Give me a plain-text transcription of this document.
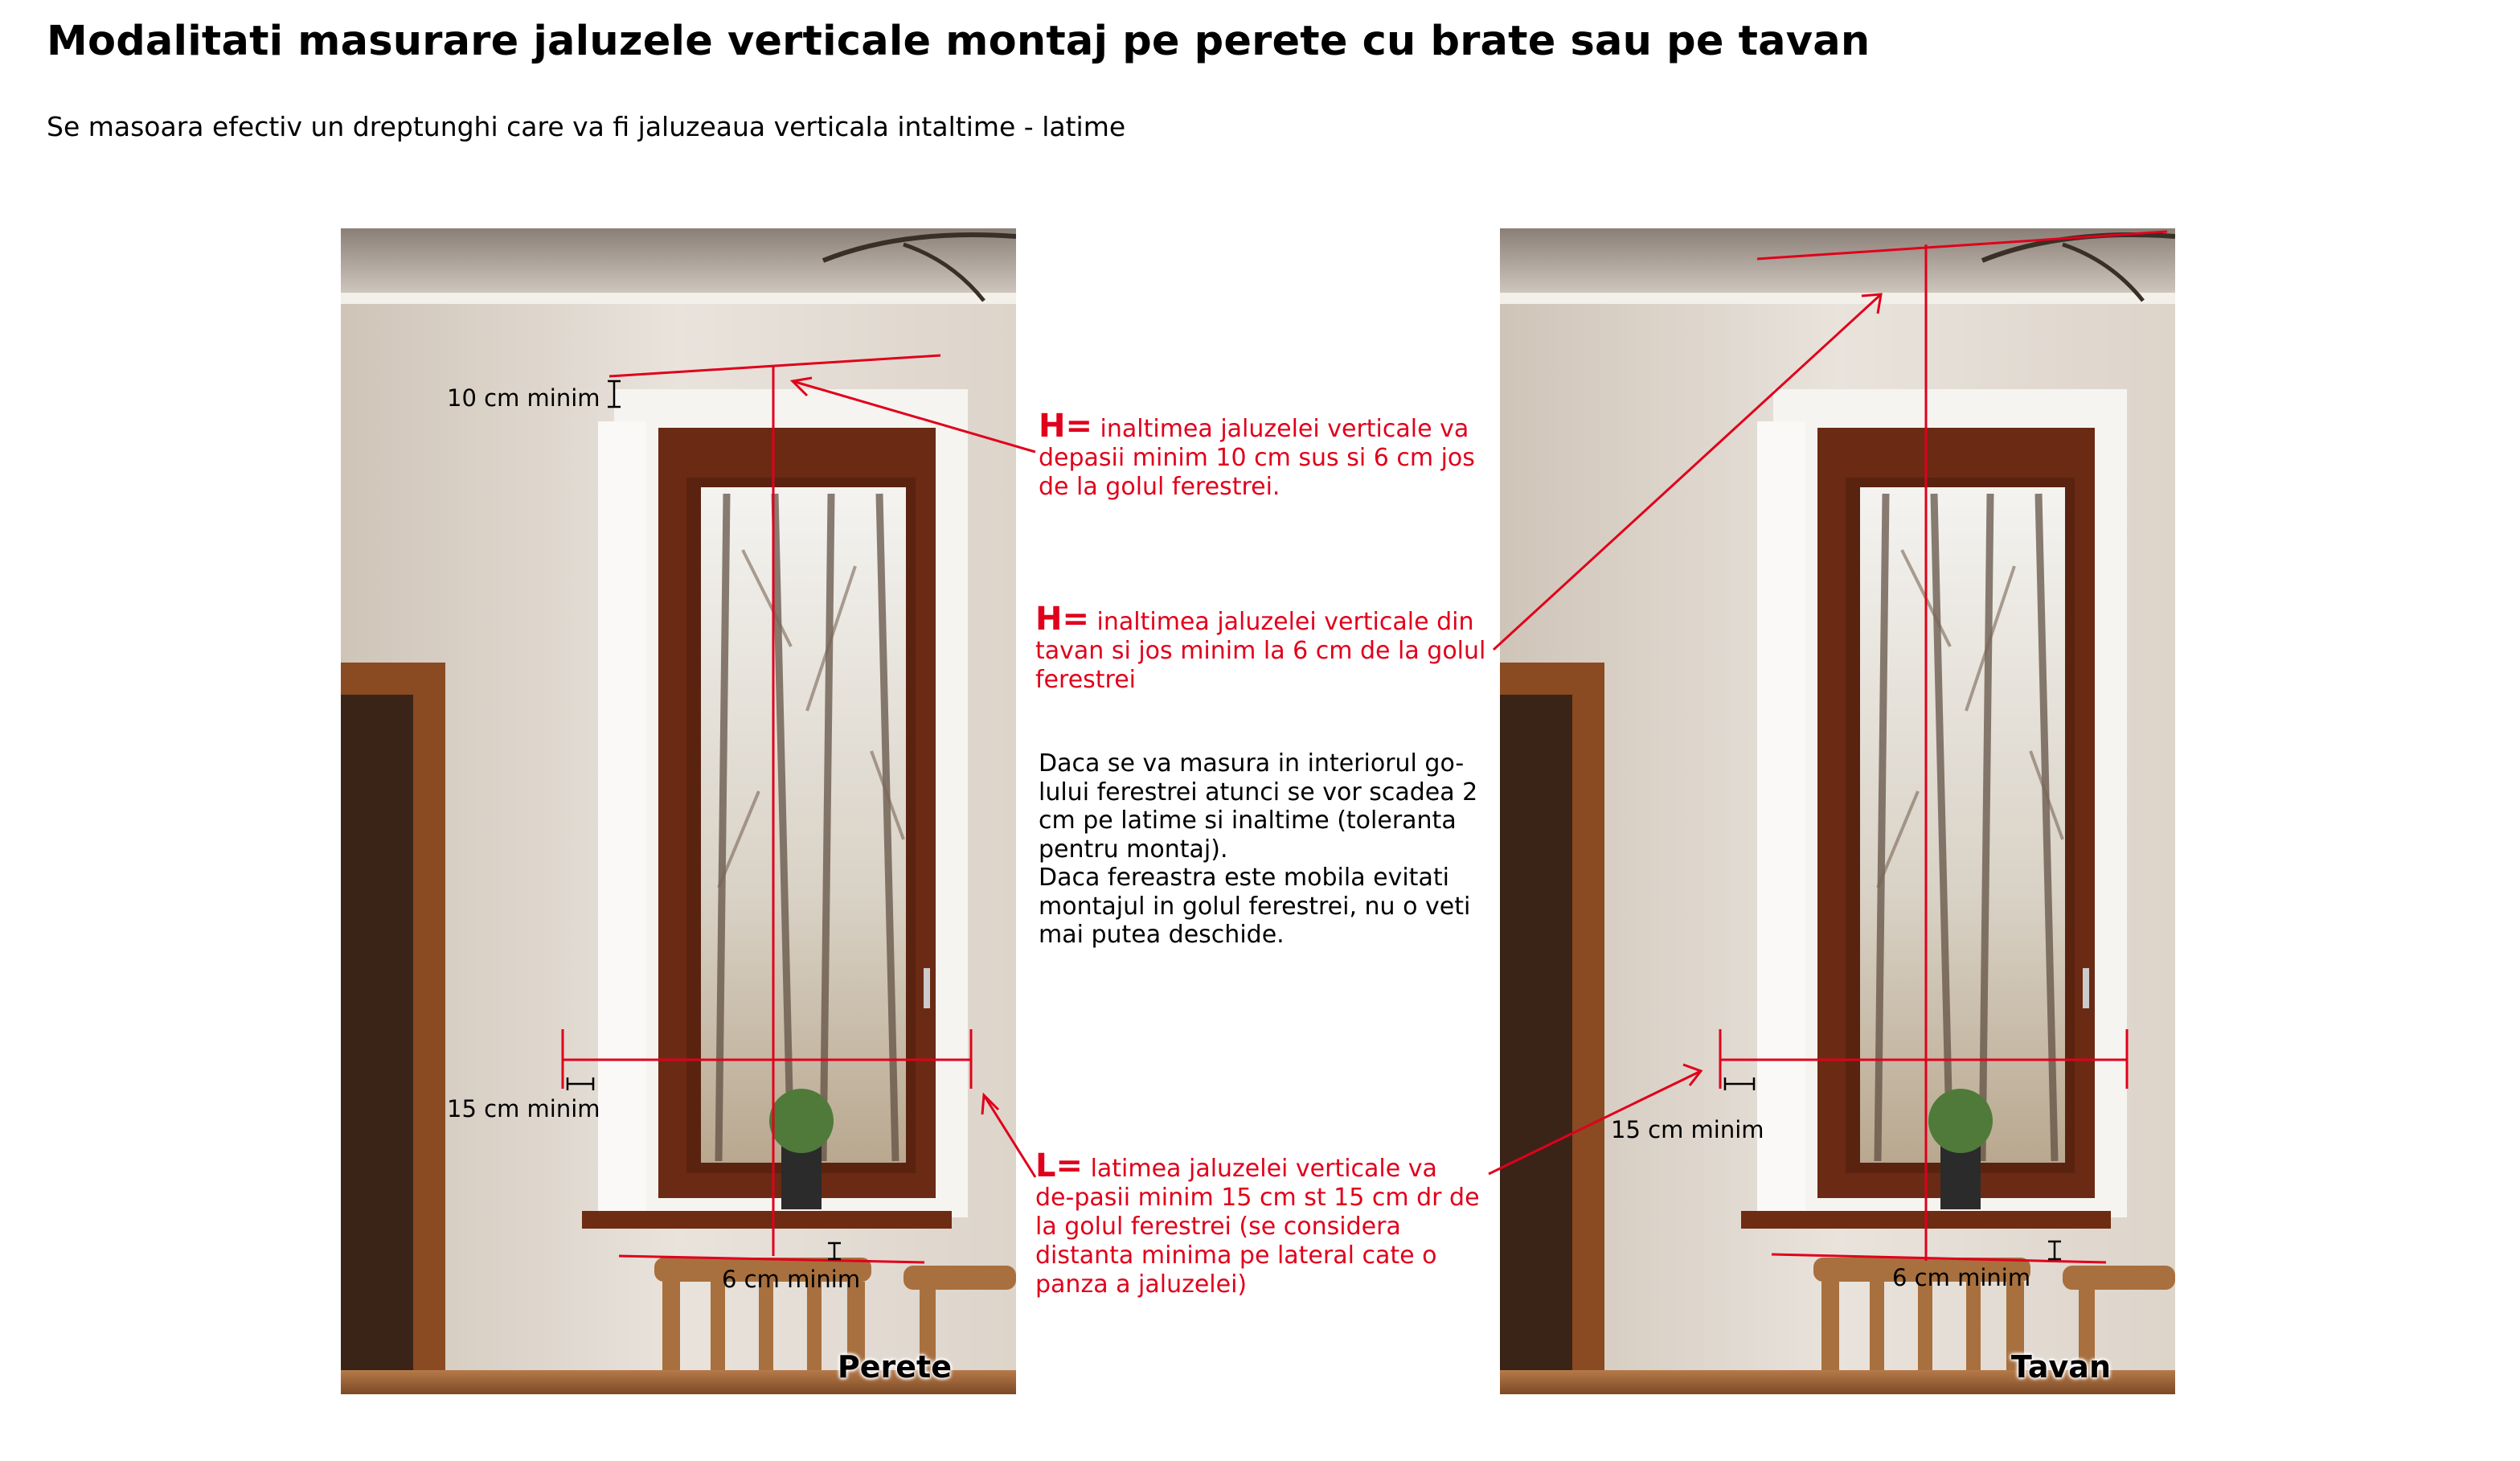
Modalitati masurare jaluzele verticale montaj pe perete cu brate sau pe tavan
Se masoara efectiv un dreptunghi care va fi jaluzeaua verticala intaltime - latime
Perete	Tavan
10 cm minim
15 cm minim
6 cm minim
15 cm minim
6 cm minim
H= inaltimea jaluzelei verticale va depasii minim 10 cm sus si 6 cm jos de la golul ferestrei.
H= inaltimea jaluzelei verticale din tavan si jos minim la 6 cm de la golul ferestrei
L= latimea jaluzelei verticale va de-pasii minim 15 cm st 15 cm dr de la golul ferestrei (se considera distanta minima pe lateral cate o panza a jaluzelei)
Daca se va masura in interiorul go-lului ferestrei atunci se vor scadea 2 cm pe latime si inaltime (toleranta pentru montaj).
Daca fereastra este mobila evitati montajul in golul ferestrei, nu o veti mai putea deschide.
